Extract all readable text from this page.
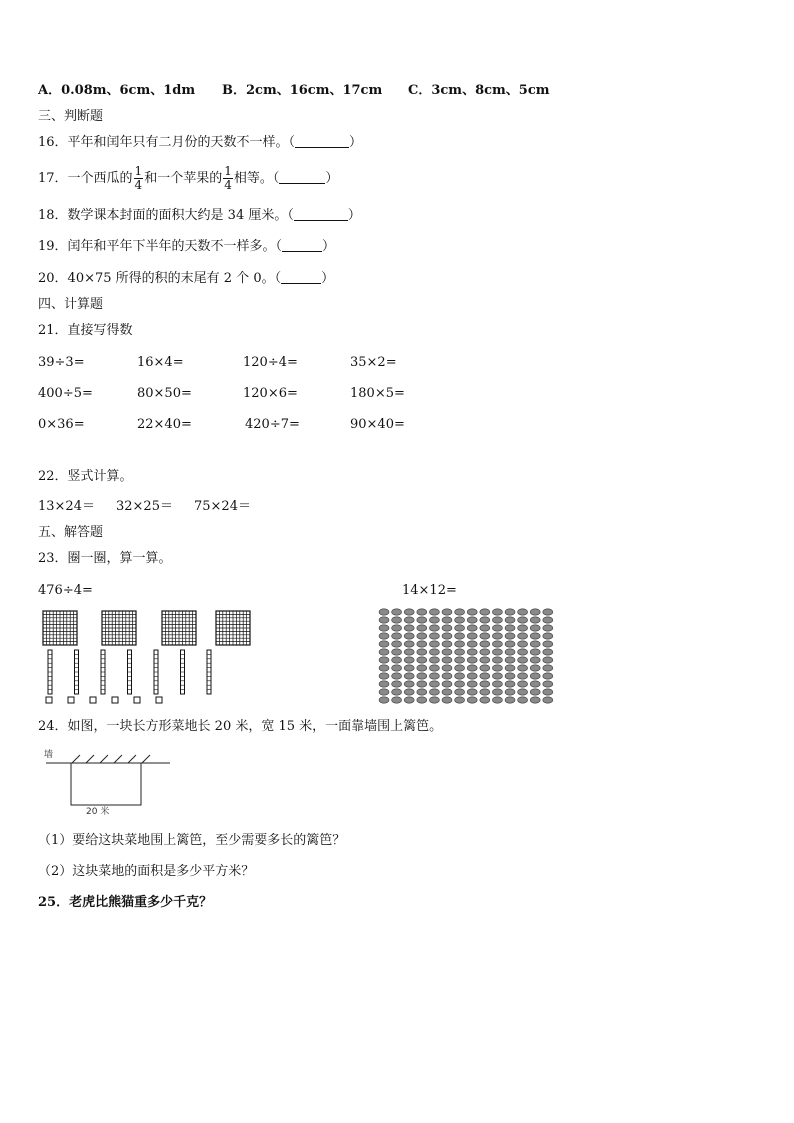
A．0.08m、6cm、1dm B．2cm、16cm、17cm C．3cm、8cm、5cm
三、判断题
16．平年和闰年只有二月份的天数不一样。（	）
17．一个西瓜的 $\frac{1}{4}$ 和一个苹果的 $\frac{1}{4}$ 相等。（	）
18．数学课本封面的面积大约是 34 厘米。（	）
19．闰年和平年下半年的天数不一样多。（	）
20．40×75 所得的积的末尾有 2 个 0。（	）
四、计算题
21．直接写得数
39÷3=	16×4=	120÷4=	35×2=
400÷5=	80×50=	120×6=	180×5=
0×36=	22×40=	420÷7=	90×40=
22．竖式计算。
13×24＝ 32×25＝ 75×24＝
五、解答题
23．圈一圈，算一算。
476÷4=	14×12=
24．如图，一块长方形菜地长 20 米，宽 15 米，一面靠墙围上篱笆。
墙
20 米
（1）要给这块菜地围上篱笆，至少需要多长的篱笆？
（2）这块菜地的面积是多少平方米？
25．老虎比熊猫重多少千克？
